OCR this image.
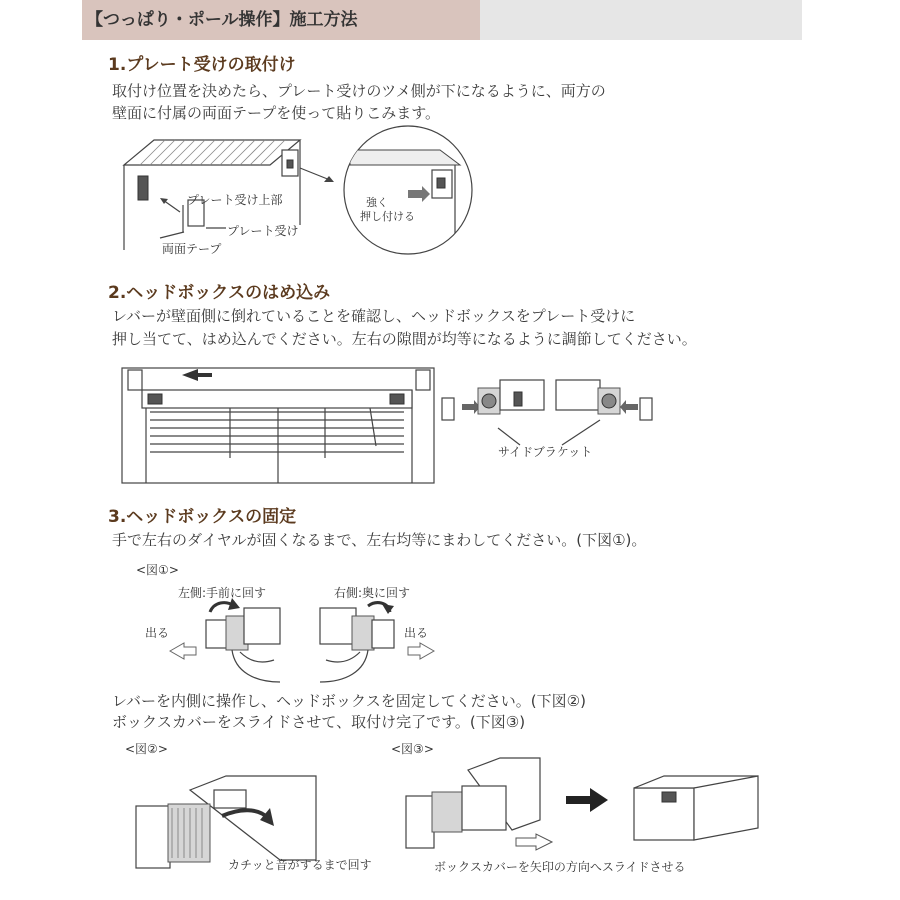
【つっぱり・ポール操作】施工方法
1.プレート受けの取付け
取付け位置を決めたら、プレート受けのツメ側が下になるように、両方の
壁面に付属の両面テープを使って貼りこみます。
プレート受け上部
プレート受け
両面テープ
強く
押し付ける
2.ヘッドボックスのはめ込み
レバーが壁面側に倒れていることを確認し、ヘッドボックスをプレート受けに
押し当てて、はめ込んでください。左右の隙間が均等になるように調節してください。
サイドブラケット
3.ヘッドボックスの固定
手で左右のダイヤルが固くなるまで、左右均等にまわしてください。(下図①)。
<図①>
左側:手前に回す	右側:奥に回す
出る	出る
レバーを内側に操作し、ヘッドボックスを固定してください。(下図②)
ボックスカバーをスライドさせて、取付け完了です。(下図③)
<図②>	<図③>
カチッと音がするまで回す	ボックスカバーを矢印の方向へスライドさせる
